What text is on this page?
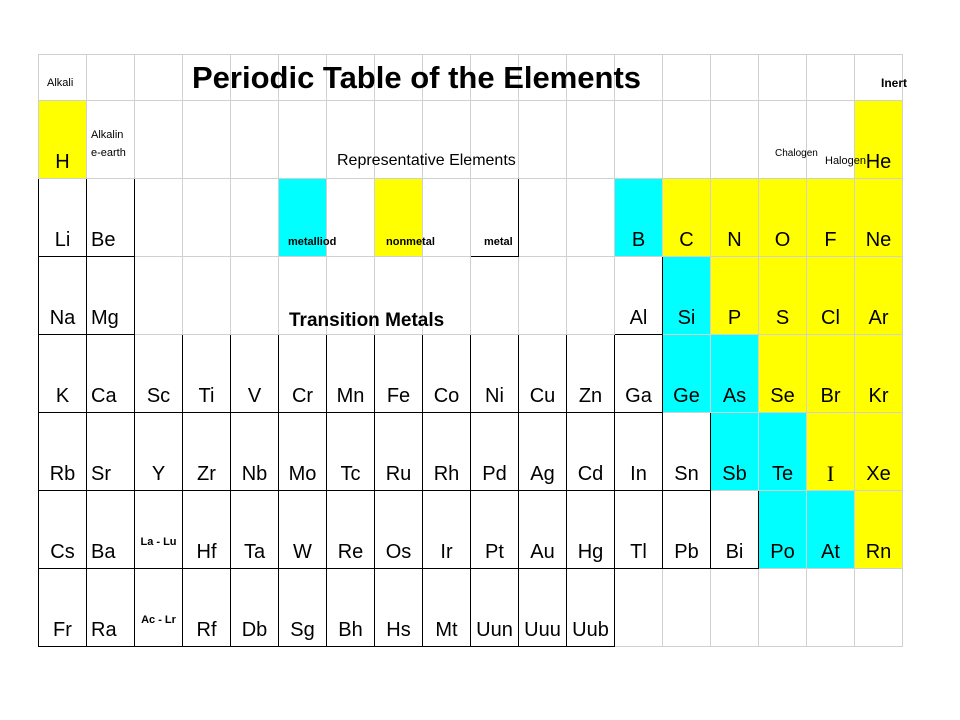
H																	He

Li	Be											B	C	N	O	F	Ne

Na	Mg											Al	Si	P	S	Cl	Ar

K	Ca	Sc	Ti	V	Cr	Mn	Fe	Co	Ni	Cu	Zn	Ga	Ge	As	Se	Br	Kr

Rb	Sr	Y	Zr	Nb	Mo	Tc	Ru	Rh	Pd	Ag	Cd	In	Sn	Sb	Te	I	Xe

Cs	Ba	La - Lu	Hf	Ta	W	Re	Os	Ir	Pt	Au	Hg	Tl	Pb	Bi	Po	At	Rn

Fr	Ra	Ac - Lr	Rf	Db	Sg	Bh	Hs	Mt	Uun	Uuu	Uub						

Periodic Table of the Elements
Alkali
Alkalin
e-earth	Chalogen
Halogen
Inert
Representative Elements
Transition Metals
metalliod	nonmetal	metal
